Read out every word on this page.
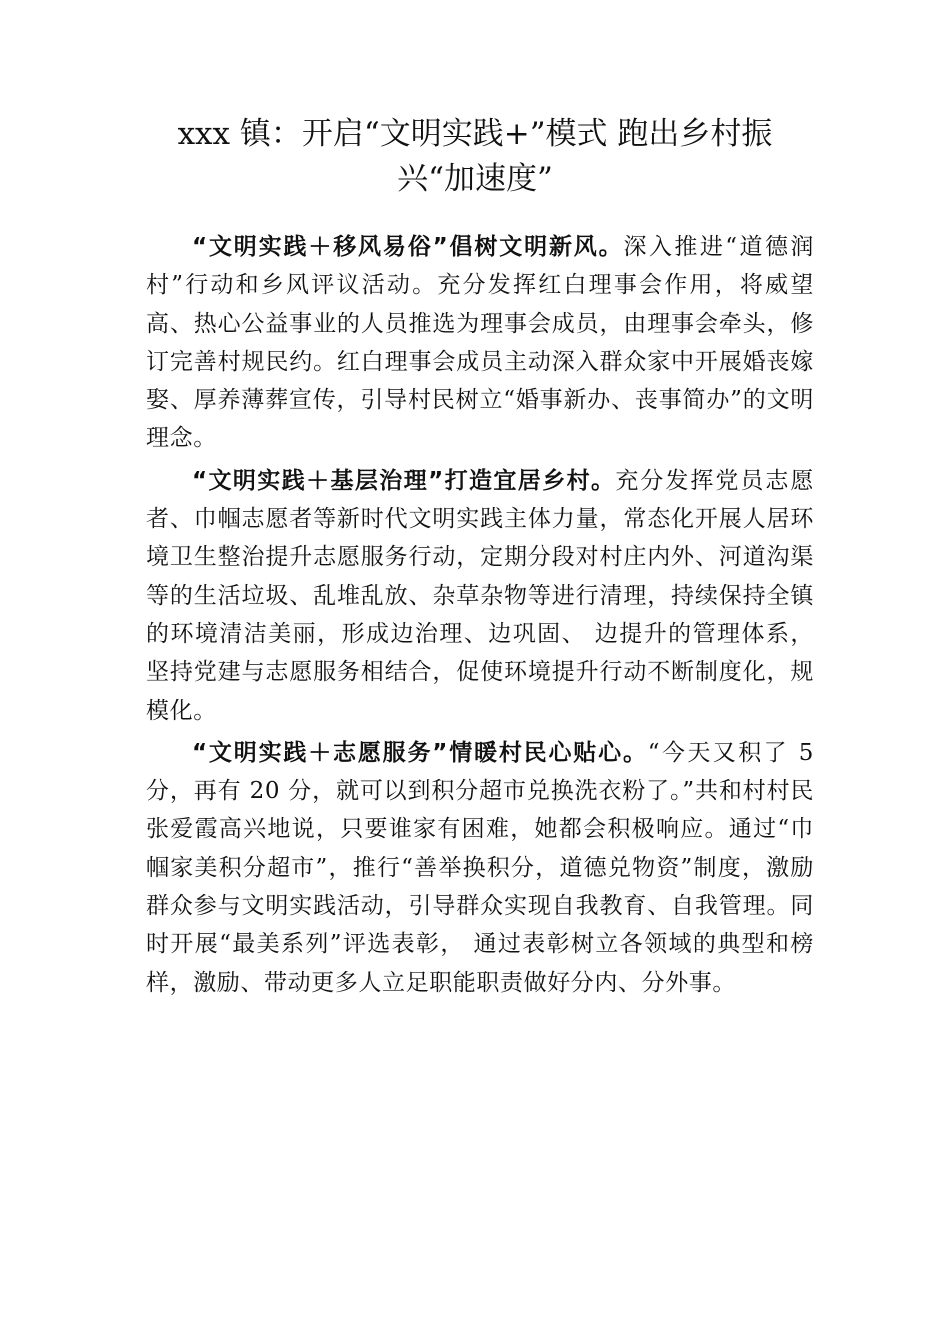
xxx 镇：开启“文明实践+”模式 跑出乡村振兴“加速度”

“文明实践＋移风易俗”倡树文明新风。深入推进“道德润村”行动和乡风评议活动。充分发挥红白理事会作用，将威望高、热心公益事业的人员推选为理事会成员，由理事会牵头，修订完善村规民约。红白理事会成员主动深入群众家中开展婚丧嫁娶、厚养薄葬宣传，引导村民树立“婚事新办、丧事简办”的文明理念。

“文明实践＋基层治理”打造宜居乡村。充分发挥党员志愿者、巾帼志愿者等新时代文明实践主体力量，常态化开展人居环境卫生整治提升志愿服务行动，定期分段对村庄内外、河道沟渠等的生活垃圾、乱堆乱放、杂草杂物等进行清理，持续保持全镇的环境清洁美丽，形成边治理、边巩固、 边提升的管理体系，坚持党建与志愿服务相结合，促使环境提升行动不断制度化，规模化。

“文明实践＋志愿服务”情暖村民心贴心。“今天又积了 5 分，再有 20 分，就可以到积分超市兑换洗衣粉了。”共和村村民张爱霞高兴地说，只要谁家有困难，她都会积极响应。通过“巾帼家美积分超市”，推行“善举换积分，道德兑物资”制度，激励群众参与文明实践活动，引导群众实现自我教育、自我管理。同时开展“最美系列”评选表彰， 通过表彰树立各领域的典型和榜样，激励、带动更多人立足职能职责做好分内、分外事。
